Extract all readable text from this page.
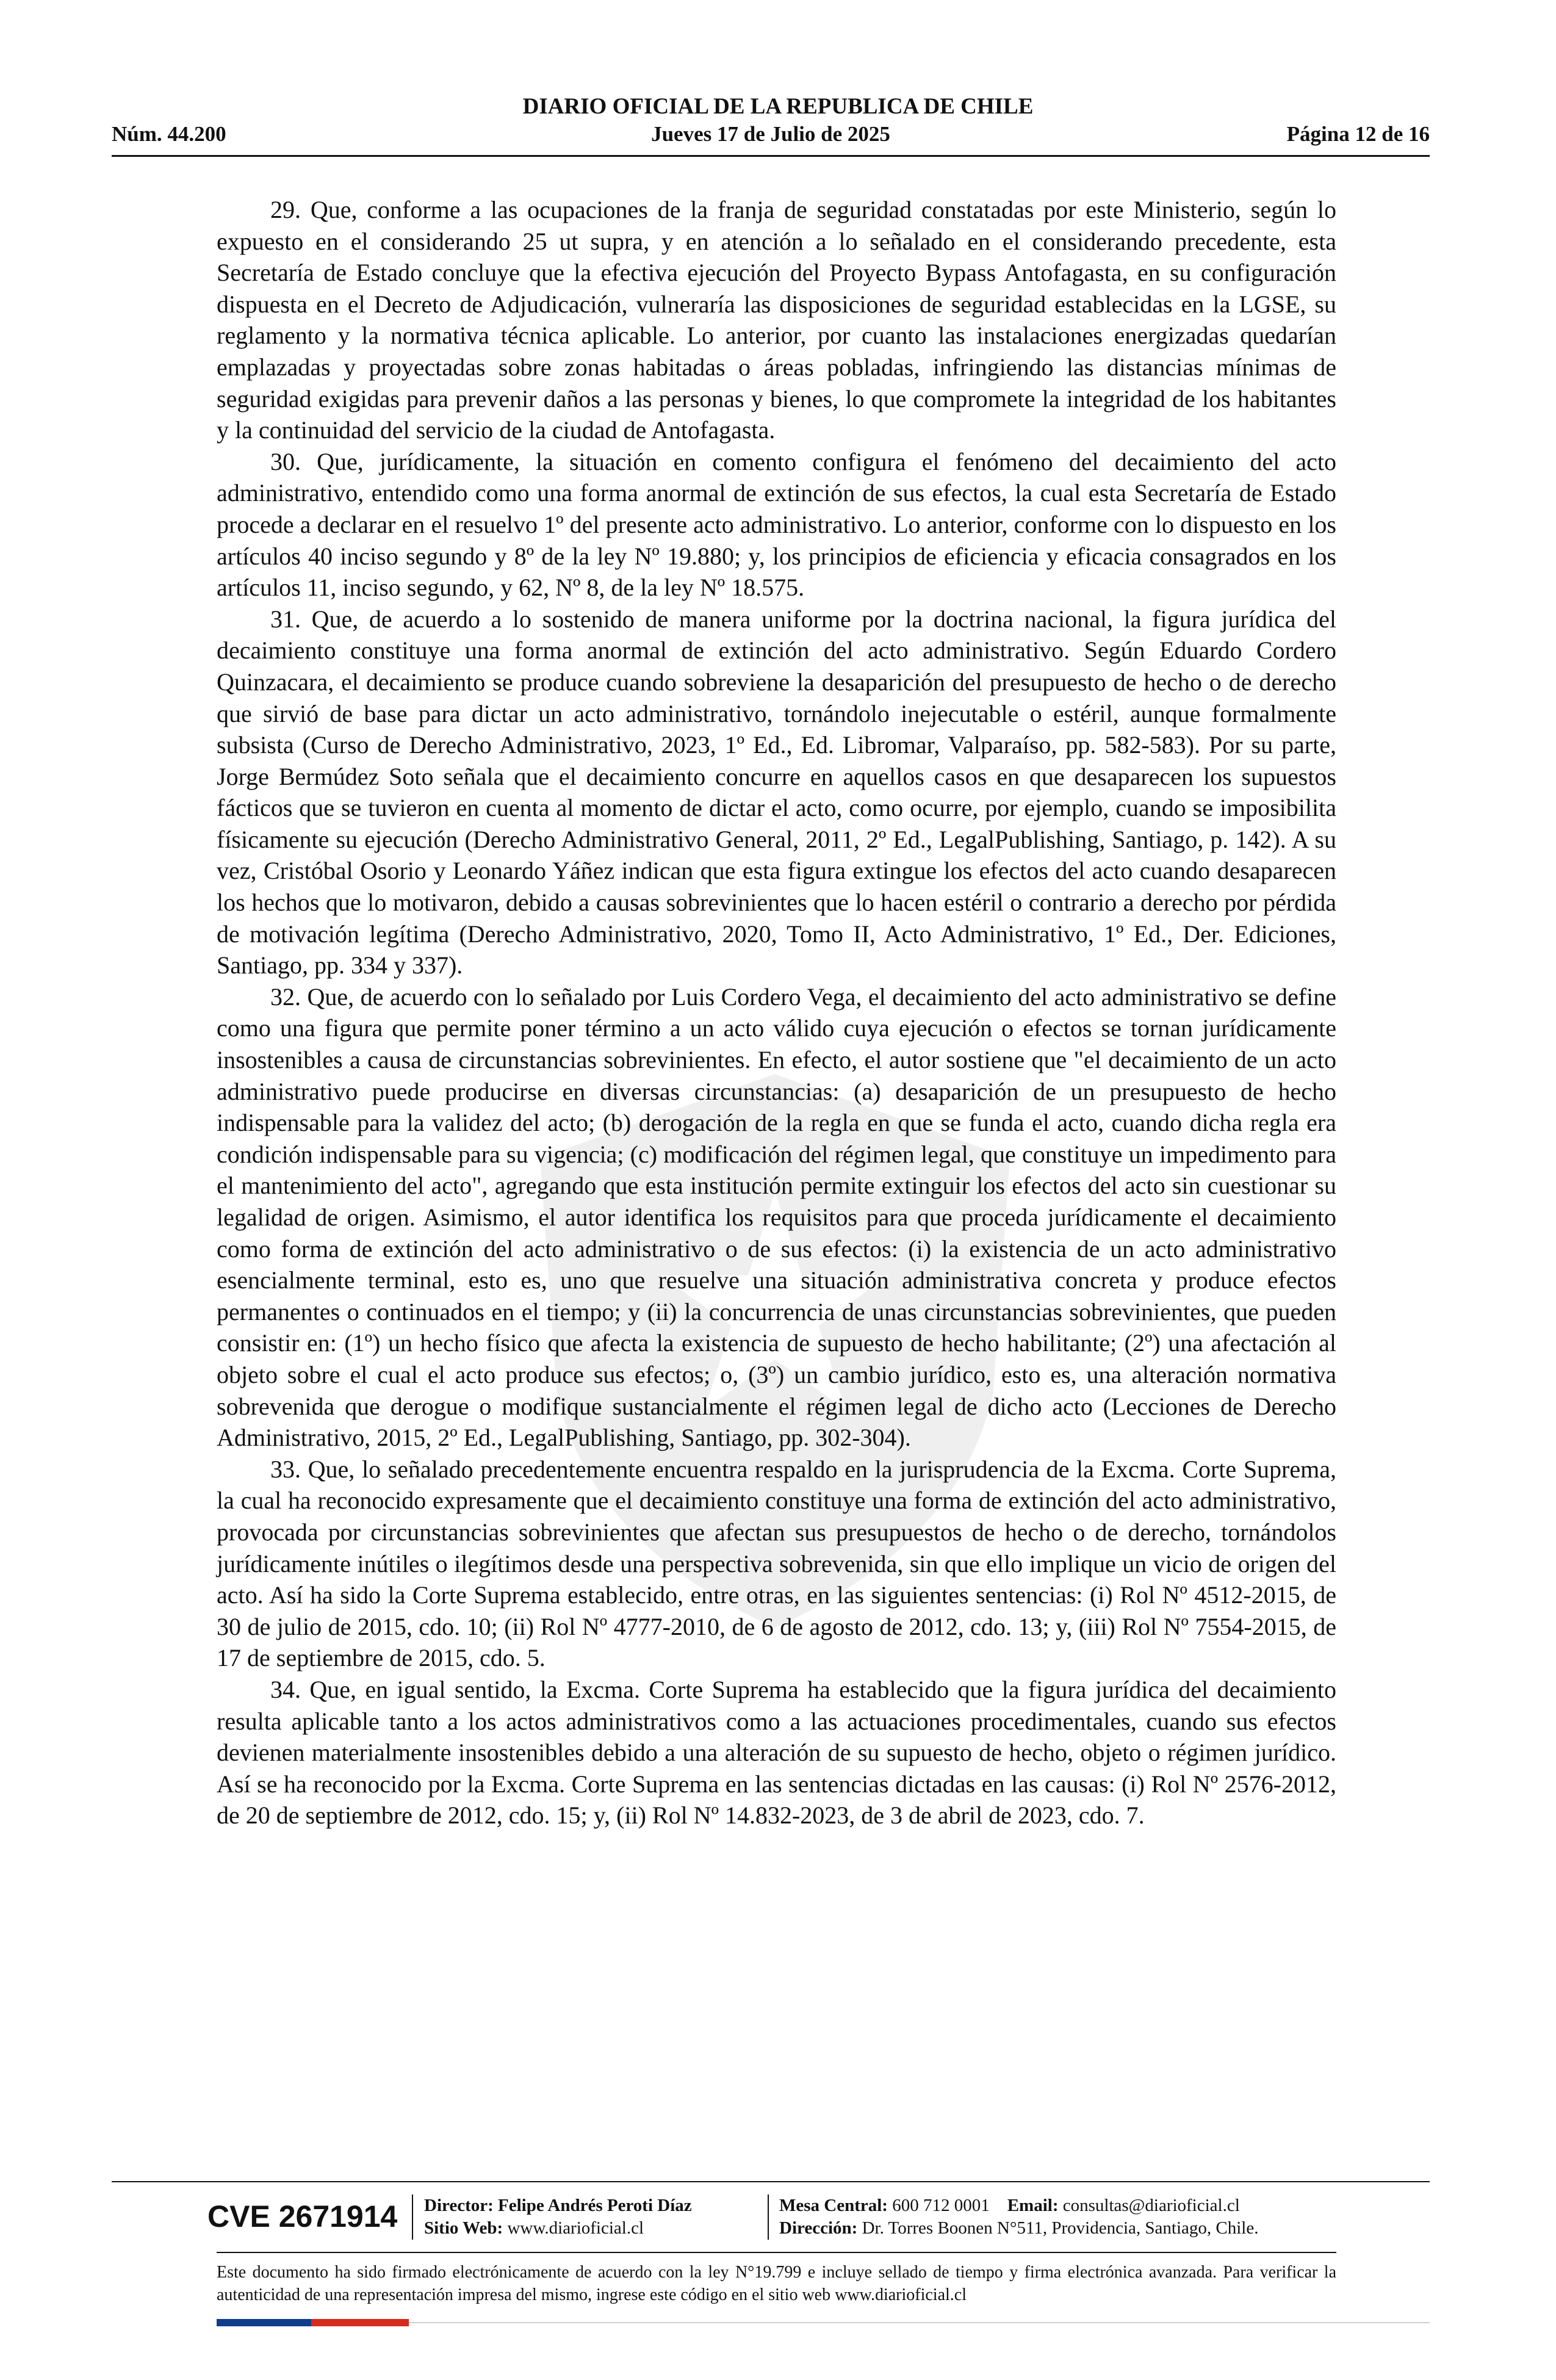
DIARIO OFICIAL DE LA REPUBLICA DE CHILE
Jueves 17 de Julio de 2025
Núm. 44.200	Página 12 de 16

29. Que, conforme a las ocupaciones de la franja de seguridad constatadas por este Ministerio, según lo expuesto en el considerando 25 ut supra, y en atención a lo señalado en el considerando precedente, esta Secretaría de Estado concluye que la efectiva ejecución del Proyecto Bypass Antofagasta, en su configuración dispuesta en el Decreto de Adjudicación, vulneraría las disposiciones de seguridad establecidas en la LGSE, su reglamento y la normativa técnica aplicable. Lo anterior, por cuanto las instalaciones energizadas quedarían emplazadas y proyectadas sobre zonas habitadas o áreas pobladas, infringiendo las distancias mínimas de seguridad exigidas para prevenir daños a las personas y bienes, lo que compromete la integridad de los habitantes y la continuidad del servicio de la ciudad de Antofagasta.

30. Que, jurídicamente, la situación en comento configura el fenómeno del decaimiento del acto administrativo, entendido como una forma anormal de extinción de sus efectos, la cual esta Secretaría de Estado procede a declarar en el resuelvo 1º del presente acto administrativo. Lo anterior, conforme con lo dispuesto en los artículos 40 inciso segundo y 8º de la ley Nº 19.880; y, los principios de eficiencia y eficacia consagrados en los artículos 11, inciso segundo, y 62, Nº 8, de la ley Nº 18.575.

31. Que, de acuerdo a lo sostenido de manera uniforme por la doctrina nacional, la figura jurídica del decaimiento constituye una forma anormal de extinción del acto administrativo. Según Eduardo Cordero Quinzacara, el decaimiento se produce cuando sobreviene la desaparición del presupuesto de hecho o de derecho que sirvió de base para dictar un acto administrativo, tornándolo inejecutable o estéril, aunque formalmente subsista (Curso de Derecho Administrativo, 2023, 1º Ed., Ed. Libromar, Valparaíso, pp. 582-583). Por su parte, Jorge Bermúdez Soto señala que el decaimiento concurre en aquellos casos en que desaparecen los supuestos fácticos que se tuvieron en cuenta al momento de dictar el acto, como ocurre, por ejemplo, cuando se imposibilita físicamente su ejecución (Derecho Administrativo General, 2011, 2º Ed., LegalPublishing, Santiago, p. 142). A su vez, Cristóbal Osorio y Leonardo Yáñez indican que esta figura extingue los efectos del acto cuando desaparecen los hechos que lo motivaron, debido a causas sobrevinientes que lo hacen estéril o contrario a derecho por pérdida de motivación legítima (Derecho Administrativo, 2020, Tomo II, Acto Administrativo, 1º Ed., Der. Ediciones, Santiago, pp. 334 y 337).

32. Que, de acuerdo con lo señalado por Luis Cordero Vega, el decaimiento del acto administrativo se define como una figura que permite poner término a un acto válido cuya ejecución o efectos se tornan jurídicamente insostenibles a causa de circunstancias sobrevinientes. En efecto, el autor sostiene que "el decaimiento de un acto administrativo puede producirse en diversas circunstancias: (a) desaparición de un presupuesto de hecho indispensable para la validez del acto; (b) derogación de la regla en que se funda el acto, cuando dicha regla era condición indispensable para su vigencia; (c) modificación del régimen legal, que constituye un impedimento para el mantenimiento del acto", agregando que esta institución permite extinguir los efectos del acto sin cuestionar su legalidad de origen. Asimismo, el autor identifica los requisitos para que proceda jurídicamente el decaimiento como forma de extinción del acto administrativo o de sus efectos: (i) la existencia de un acto administrativo esencialmente terminal, esto es, uno que resuelve una situación administrativa concreta y produce efectos permanentes o continuados en el tiempo; y (ii) la concurrencia de unas circunstancias sobrevinientes, que pueden consistir en: (1º) un hecho físico que afecta la existencia de supuesto de hecho habilitante; (2º) una afectación al objeto sobre el cual el acto produce sus efectos; o, (3º) un cambio jurídico, esto es, una alteración normativa sobrevenida que derogue o modifique sustancialmente el régimen legal de dicho acto (Lecciones de Derecho Administrativo, 2015, 2º Ed., LegalPublishing, Santiago, pp. 302-304).

33. Que, lo señalado precedentemente encuentra respaldo en la jurisprudencia de la Excma. Corte Suprema, la cual ha reconocido expresamente que el decaimiento constituye una forma de extinción del acto administrativo, provocada por circunstancias sobrevinientes que afectan sus presupuestos de hecho o de derecho, tornándolos jurídicamente inútiles o ilegítimos desde una perspectiva sobrevenida, sin que ello implique un vicio de origen del acto. Así ha sido la Corte Suprema establecido, entre otras, en las siguientes sentencias: (i) Rol Nº 4512-2015, de 30 de julio de 2015, cdo. 10; (ii) Rol Nº 4777-2010, de 6 de agosto de 2012, cdo. 13; y, (iii) Rol Nº 7554-2015, de 17 de septiembre de 2015, cdo. 5.

34. Que, en igual sentido, la Excma. Corte Suprema ha establecido que la figura jurídica del decaimiento resulta aplicable tanto a los actos administrativos como a las actuaciones procedimentales, cuando sus efectos devienen materialmente insostenibles debido a una alteración de su supuesto de hecho, objeto o régimen jurídico. Así se ha reconocido por la Excma. Corte Suprema en las sentencias dictadas en las causas: (i) Rol Nº 2576-2012, de 20 de septiembre de 2012, cdo. 15; y, (ii) Rol Nº 14.832-2023, de 3 de abril de 2023, cdo. 7.

CVE 2671914 Director: Felipe Andrés Peroti Díaz
Sitio Web: www.diarioficial.cl
Mesa Central: 600 712 0001 Email: consultas@diarioficial.cl
Dirección: Dr. Torres Boonen N°511, Providencia, Santiago, Chile.
Este documento ha sido firmado electrónicamente de acuerdo con la ley N°19.799 e incluye sellado de tiempo y firma electrónica avanzada. Para verificar la autenticidad de una representación impresa del mismo, ingrese este código en el sitio web www.diarioficial.cl
